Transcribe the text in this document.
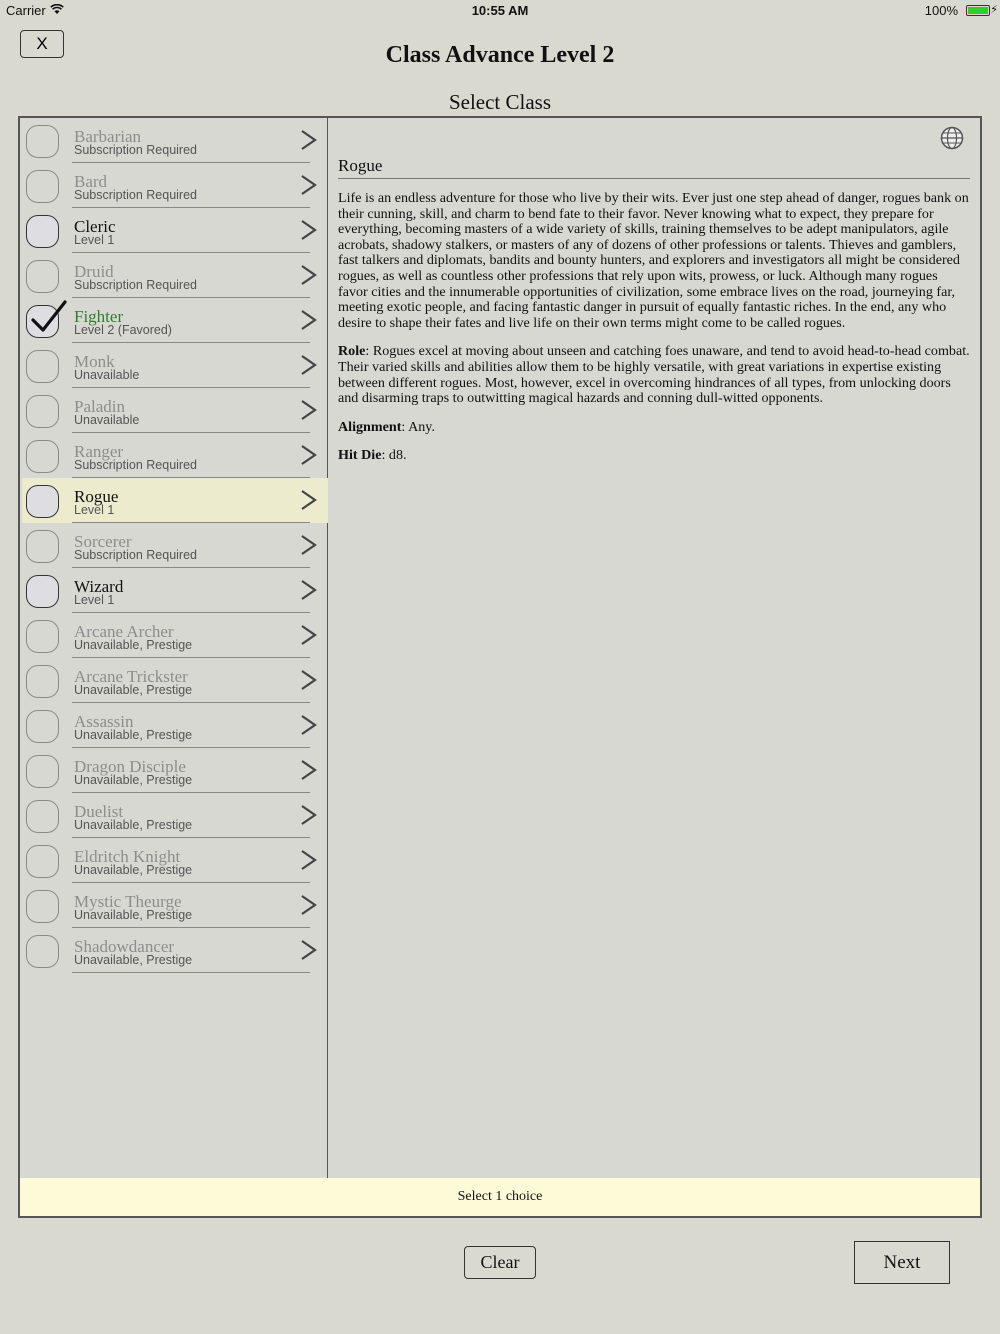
Carrier	10:55 AM	100%	⚡
X	Class Advance Level 2
Select Class
Barbarian
Subscription Required
Bard
Subscription Required
Cleric
Level 1
Druid
Subscription Required
Fighter
Level 2 (Favored)
Monk
Unavailable
Paladin
Unavailable
Ranger
Subscription Required
Rogue
Level 1
Sorcerer
Subscription Required
Wizard
Level 1
Arcane Archer
Unavailable, Prestige
Arcane Trickster
Unavailable, Prestige
Assassin
Unavailable, Prestige
Dragon Disciple
Unavailable, Prestige
Duelist
Unavailable, Prestige
Eldritch Knight
Unavailable, Prestige
Mystic Theurge
Unavailable, Prestige
Shadowdancer
Unavailable, Prestige
Rogue

Life is an endless adventure for those who live by their wits. Ever just one step ahead of danger, rogues bank on their cunning, skill, and charm to bend fate to their favor. Never knowing what to expect, they prepare for everything, becoming masters of a wide variety of skills, training themselves to be adept manipulators, agile acrobats, shadowy stalkers, or masters of any of dozens of other professions or talents. Thieves and gamblers, fast talkers and diplomats, bandits and bounty hunters, and explorers and investigators all might be considered rogues, as well as countless other professions that rely upon wits, prowess, or luck. Although many rogues favor cities and the innumerable opportunities of civilization, some embrace lives on the road, journeying far, meeting exotic people, and facing fantastic danger in pursuit of equally fantastic riches. In the end, any who desire to shape their fates and live life on their own terms might come to be called rogues.

Role: Rogues excel at moving about unseen and catching foes unaware, and tend to avoid head-to-head combat. Their varied skills and abilities allow them to be highly versatile, with great variations in expertise existing between different rogues. Most, however, excel in overcoming hindrances of all types, from unlocking doors and disarming traps to outwitting magical hazards and conning dull-witted opponents.

Alignment: Any.

Hit Die: d8.

Select 1 choice
Clear	Next
